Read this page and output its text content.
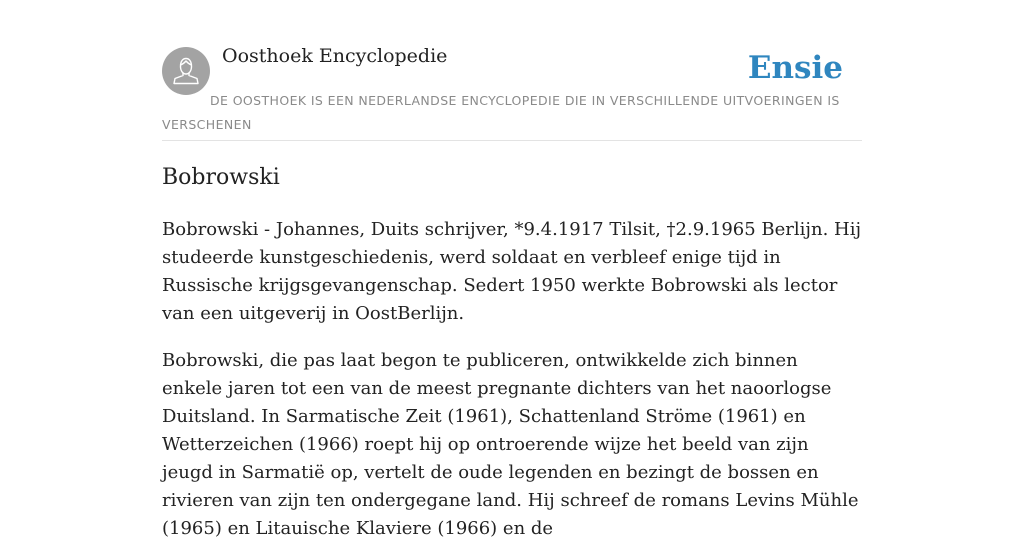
Oosthoek Encyclopedie	Ensie

DE OOSTHOEK IS EEN NEDERLANDSE ENCYCLOPEDIE DIE IN VERSCHILLENDE UITVOERINGEN IS VERSCHENEN

Bobrowski

Bobrowski - Johannes, Duits schrijver, *9.4.1917 Tilsit, †2.9.1965 Berlijn. Hij studeerde kunstgeschiedenis, werd soldaat en verbleef enige tijd in Russische krijgsgevangenschap. Sedert 1950 werkte Bobrowski als lector van een uitgeverij in OostBerlijn.

Bobrowski, die pas laat begon te publiceren, ontwikkelde zich binnen enkele jaren tot een van de meest pregnante dichters van het naoorlogse Duitsland. In Sarmatische Zeit (1961), Schattenland Ströme (1961) en Wetterzeichen (1966) roept hij op ontroerende wijze het beeld van zijn jeugd in Sarmatië op, vertelt de oude legenden en bezingt de bossen en rivieren van zijn ten ondergegane land. Hij schreef de romans Levins Mühle (1965) en Litauische Klaviere (1966) en de
